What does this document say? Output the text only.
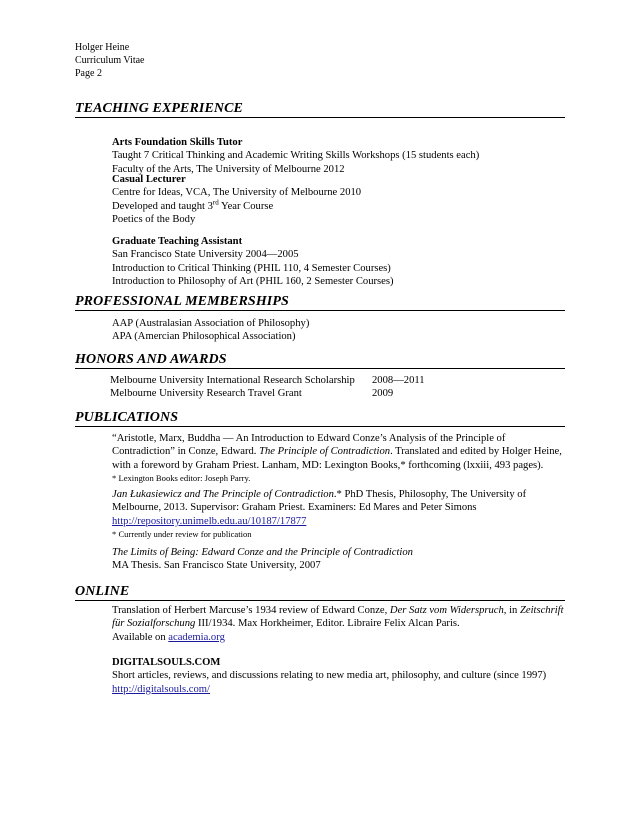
Holger Heine
Curriculum Vitae
Page 2
TEACHING EXPERIENCE
Arts Foundation Skills Tutor
Taught 7 Critical Thinking and Academic Writing Skills Workshops (15 students each)
Faculty of the Arts, The University of Melbourne 2012
Casual Lecturer
Centre for Ideas, VCA, The University of Melbourne 2010
Developed and taught 3rd Year Course
Poetics of the Body
Graduate Teaching Assistant
San Francisco State University 2004—2005
Introduction to Critical Thinking (PHIL 110, 4 Semester Courses)
Introduction to Philosophy of Art (PHIL 160, 2 Semester Courses)
PROFESSIONAL MEMBERSHIPS
AAP (Australasian Association of Philosophy)
APA (Amercian Philosophical Association)
HONORS AND AWARDS
Melbourne University International Research Scholarship 2008—2011
Melbourne University Research Travel Grant	2009
PUBLICATIONS
“Aristotle, Marx, Buddha — An Introduction to Edward Conze’s Analysis of the Principle of
Contradiction” in Conze, Edward. The Principle of Contradiction. Translated and edited by Holger Heine,
with a foreword by Graham Priest. Lanham, MD: Lexington Books,* forthcoming (lxxiii, 493 pages).
* Lexington Books editor: Joseph Parry.
Jan Łukasiewicz and The Principle of Contradiction.* PhD Thesis, Philosophy, The University of
Melbourne, 2013. Supervisor: Graham Priest. Examiners: Ed Mares and Peter Simons
http://repository.unimelb.edu.au/10187/17877
* Currently under review for publication
The Limits of Being: Edward Conze and the Principle of Contradiction
MA Thesis. San Francisco State University, 2007
ONLINE
Translation of Herbert Marcuse’s 1934 review of Edward Conze, Der Satz vom Widerspruch, in Zeitschrift
für Sozialforschung III/1934. Max Horkheimer, Editor. Libraire Felix Alcan Paris.
Available on academia.org
DIGITALSOULS.COM
Short articles, reviews, and discussions relating to new media art, philosophy, and culture (since 1997)
http://digitalsouls.com/
